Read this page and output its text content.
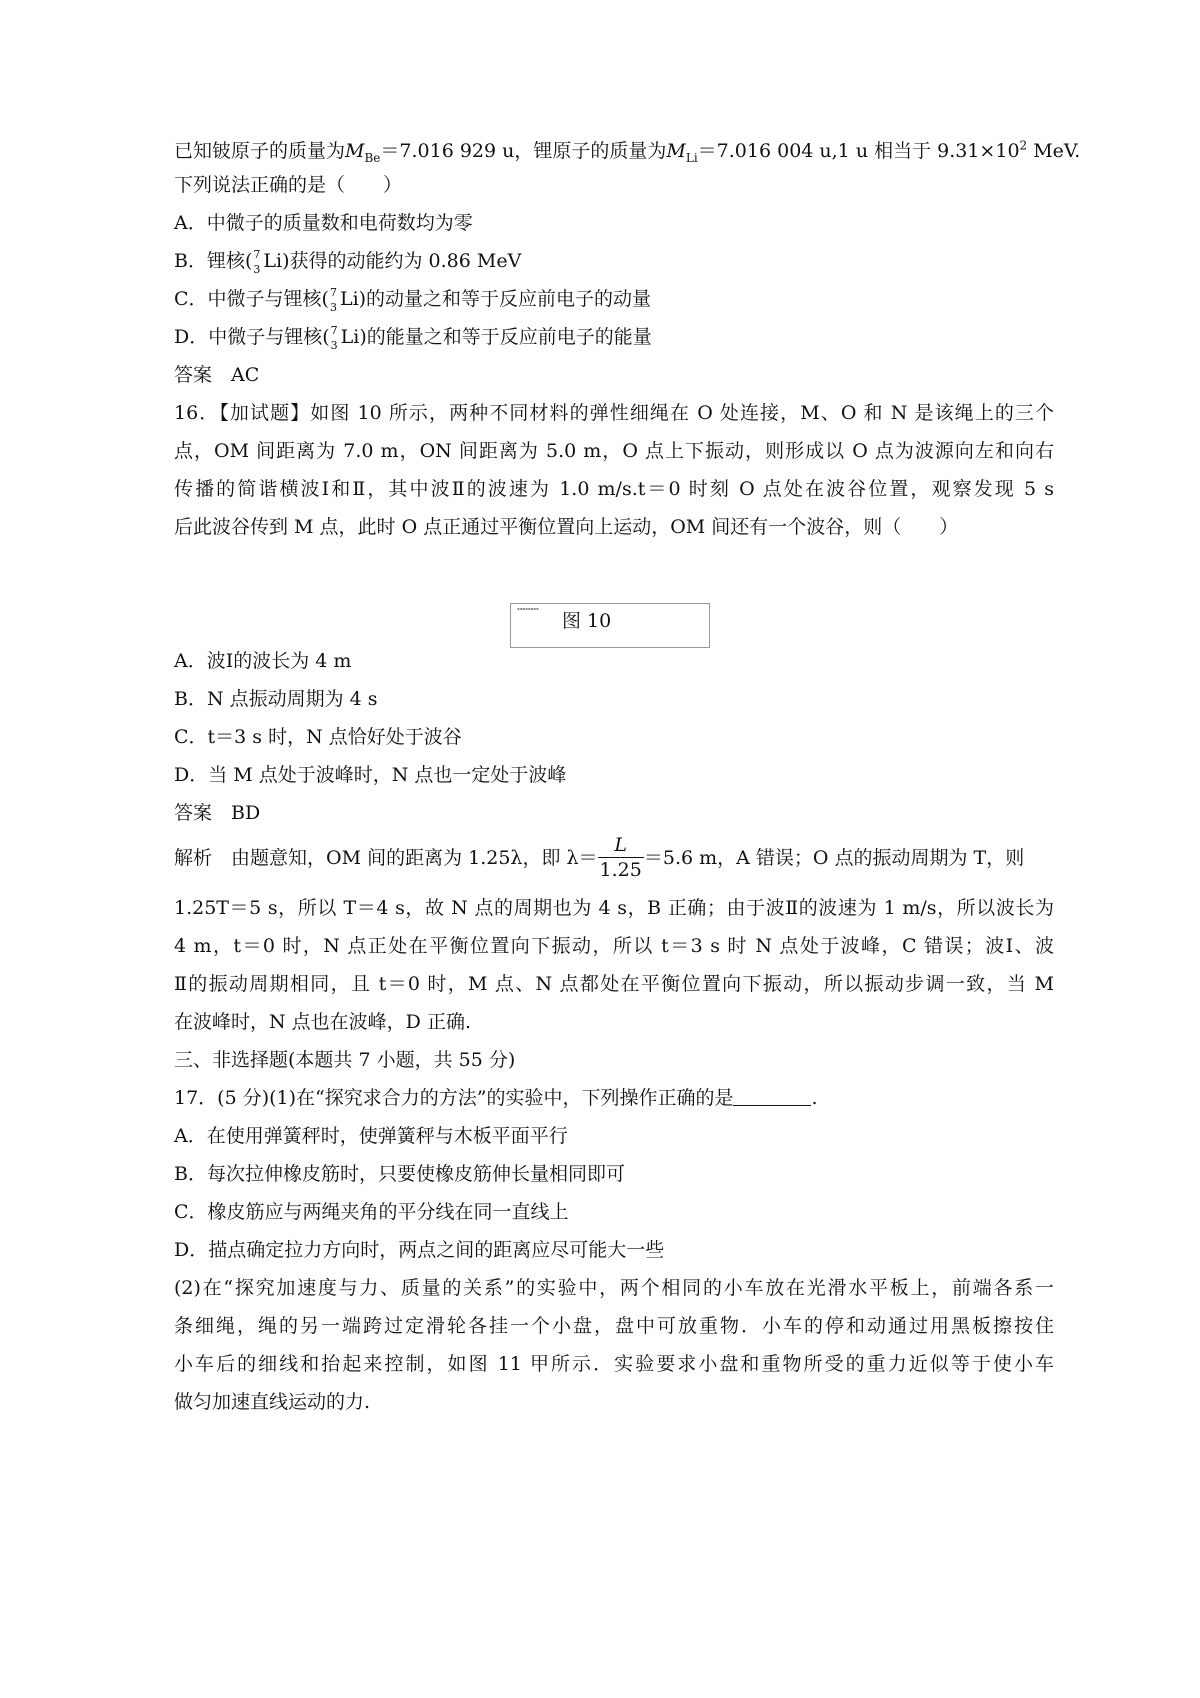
已知铍原子的质量为$M_{Be}=7.016$ 929 u，锂原子的质量为$M_{Li}=7.016$ 004 u,1 u 相当于 $9.31\times 10^2$ MeV.
下列说法正确的是（　　）
A．中微子的质量数和电荷数均为零
B．锂核( 7
3 Li)获得的动能约为 0.86 MeV
C．中微子与锂核( 7
3 Li)的动量之和等于反应前电子的动量
D．中微子与锂核( 7
3 Li)的能量之和等于反应前电子的能量
答案　AC
16．【加试题】如图 10 所示，两种不同材料的弹性细绳在 O 处连接，M、O 和 N 是该绳上的三个
点，OM 间距离为 7.0 m，ON 间距离为 5.0 m，O 点上下振动，则形成以 O 点为波源向左和向右
传播的简谐横波Ⅰ和Ⅱ，其中波Ⅱ的波速为 1.0 m/s.t＝0 时刻 O 点处在波谷位置，观察发现 5 s
后此波谷传到 M 点，此时 O 点正通过平衡位置向上运动，OM 间还有一个波谷，则（　　）
▪▪▪▪▪▪▪▪
图 10
A．波Ⅰ的波长为 4 m
B．N 点振动周期为 4 s
C．t＝3 s 时，N 点恰好处于波谷
D．当 M 点处于波峰时，N 点也一定处于波峰
答案　BD
解析　由题意知，OM 间的距离为 1.25λ，即 $\lambda= \frac{L}{1.25} =5.6$ m，A 错误；O 点的振动周期为 T，则
1.25T＝5 s，所以 T＝4 s，故 N 点的周期也为 4 s，B 正确；由于波Ⅱ的波速为 1 m/s，所以波长为
4 m，t＝0 时，N 点正处在平衡位置向下振动，所以 t＝3 s 时 N 点处于波峰，C 错误；波Ⅰ、波
Ⅱ的振动周期相同，且 t＝0 时，M 点、N 点都处在平衡位置向下振动，所以振动步调一致，当 M
在波峰时，N 点也在波峰，D 正确.
三、非选择题(本题共 7 小题，共 55 分)
17．(5 分)(1)在“探究求合力的方法”的实验中，下列操作正确的是	.
A．在使用弹簧秤时，使弹簧秤与木板平面平行
B．每次拉伸橡皮筋时，只要使橡皮筋伸长量相同即可
C．橡皮筋应与两绳夹角的平分线在同一直线上
D．描点确定拉力方向时，两点之间的距离应尽可能大一些
(2)在“探究加速度与力、质量的关系”的实验中，两个相同的小车放在光滑水平板上，前端各系一
条细绳，绳的另一端跨过定滑轮各挂一个小盘，盘中可放重物．小车的停和动通过用黑板擦按住
小车后的细线和抬起来控制，如图 11 甲所示．实验要求小盘和重物所受的重力近似等于使小车
做匀加速直线运动的力.
